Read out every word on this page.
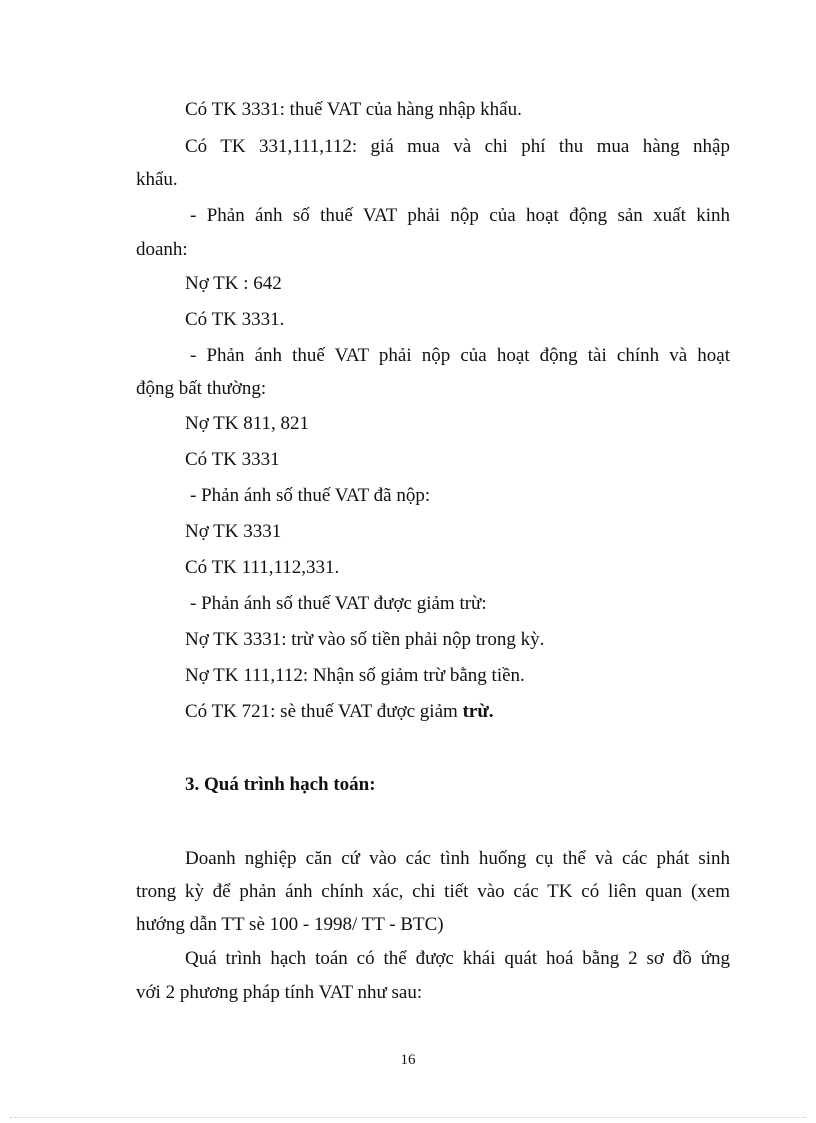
Có TK 3331: thuế VAT của hàng nhập khẩu.
Có TK 331,111,112: giá mua và chi phí thu mua hàng nhập
khẩu.
- Phản ánh số thuế VAT phải nộp của hoạt động sản xuất kinh
doanh:
Nợ TK : 642
Có TK 3331.
- Phản ánh thuế VAT phải nộp của hoạt động tài chính và hoạt
động bất thường:
Nợ TK 811, 821
Có TK 3331
- Phản ánh số thuế VAT đã nộp:
Nợ TK 3331
Có TK 111,112,331.
- Phản ánh số thuế VAT được giảm trừ:
Nợ TK 3331: trừ vào số tiền phải nộp trong kỳ.
Nợ TK 111,112: Nhận số giảm trừ bằng tiền.
Có TK 721: sè thuế VAT được giảm trừ.
3. Quá trình hạch toán:
Doanh nghiệp căn cứ vào các tình huống cụ thể và các phát sinh
trong kỳ để phản ánh chính xác, chi tiết vào các TK có liên quan (xem
hướng dẫn TT sè 100 - 1998/ TT - BTC)
Quá trình hạch toán có thể được khái quát hoá bằng 2 sơ đồ ứng
với 2 phương pháp tính VAT như sau:
16
